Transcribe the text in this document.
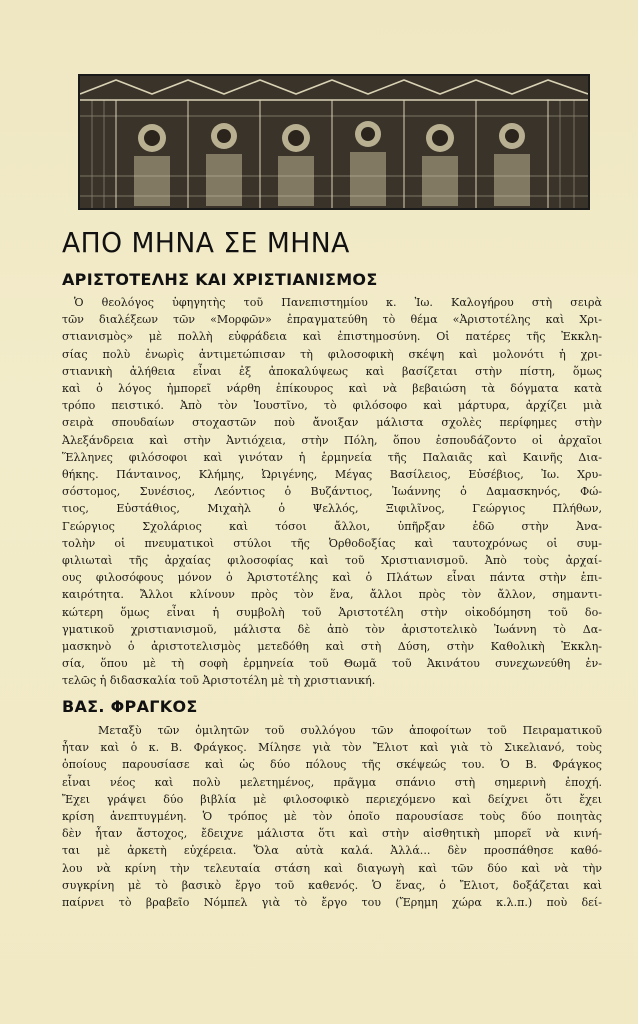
ΑΠΟ ΜΗΝΑ ΣΕ ΜΗΝΑ
ΑΡΙΣΤΟΤΕΛΗΣ ΚΑΙ ΧΡΙΣΤΙΑΝΙΣΜΟΣ
Ὁ θεολόγος ὑφηγητὴς τοῦ Πανεπιστημίου κ. Ἰω. Καλογήρου στὴ σειρὰ
τῶν διαλέξεων τῶν «Μορφῶν» ἐπραγματεύθη τὸ θέμα «Ἀριστοτέλης καὶ Χρι-
στιανισμὸς» μὲ πολλὴ εὐφράδεια καὶ ἐπιστημοσύνη. Οἱ πατέρες τῆς Ἐκκλη-
σίας πολὺ ἐνωρὶς ἀντιμετώπισαν τὴ φιλοσοφικὴ σκέψη καὶ μολονότι ἡ χρι-
στιανικὴ ἀλήθεια εἶναι ἐξ ἀποκαλύψεως καὶ βασίζεται στὴν πίστη, ὅμως
καὶ ὁ λόγος ἠμπορεῖ νάρθη ἐπίκουρος καὶ νὰ βεβαιώση τὰ δόγματα κατὰ
τρόπο πειστικό. Ἀπὸ τὸν Ἰουστῖνο, τὸ φιλόσοφο καὶ μάρτυρα, ἀρχίζει μιὰ
σειρὰ σπουδαίων στοχαστῶν ποὺ ἄνοιξαν μάλιστα σχολὲς περίφημες στὴν
Ἀλεξάνδρεια καὶ στὴν Ἀντιόχεια, στὴν Πόλη, ὅπου ἐσπουδάζοντο οἱ ἀρχαῖοι
Ἕλληνες φιλόσοφοι καὶ γινόταν ἡ ἑρμηνεία τῆς Παλαιᾶς καὶ Καινῆς Δια-
θήκης. Πάνταινος, Κλήμης, Ὠριγένης, Μέγας Βασίλειος, Εὐσέβιος, Ἰω. Χρυ-
σόστομος, Συνέσιος, Λεόντιος ὁ Βυζάντιος, Ἰωάννης ὁ Δαμασκηνός, Φώ-
τιος, Εὐστάθιος, Μιχαὴλ ὁ Ψελλός, Ξιφιλῖνος, Γεώργιος Πλήθων,
Γεώργιος Σχολάριος καὶ τόσοι ἄλλοι, ὑπῆρξαν ἐδῶ στὴν Ἀνα-
τολὴν οἱ πνευματικοὶ στύλοι τῆς Ὀρθοδοξίας καὶ ταυτοχρόνως οἱ συμ-
φιλιωταὶ τῆς ἀρχαίας φιλοσοφίας καὶ τοῦ Χριστιανισμοῦ. Ἀπὸ τοὺς ἀρχαί-
ους φιλοσόφους μόνον ὁ Ἀριστοτέλης καὶ ὁ Πλάτων εἶναι πάντα στὴν ἐπι-
καιρότητα. Ἄλλοι κλίνουν πρὸς τὸν ἕνα, ἄλλοι πρὸς τὸν ἄλλον, σημαντι-
κώτερη ὅμως εἶναι ἡ συμβολὴ τοῦ Ἀριστοτέλη στὴν οἰκοδόμηση τοῦ δο-
γματικοῦ χριστιανισμοῦ, μάλιστα δὲ ἀπὸ τὸν ἀριστοτελικὸ Ἰωάννη τὸ Δα-
μασκηνὸ ὁ ἀριστοτελισμὸς μετεδόθη καὶ στὴ Δύση, στὴν Καθολικὴ Ἐκκλη-
σία, ὅπου μὲ τὴ σοφὴ ἑρμηνεία τοῦ Θωμᾶ τοῦ Ἀκινάτου συνεχωνεύθη ἐν-
τελῶς ἡ διδασκαλία τοῦ Ἀριστοτέλη μὲ τὴ χριστιανική.
ΒΑΣ. ΦΡΑΓΚΟΣ
Μεταξὺ τῶν ὁμιλητῶν τοῦ συλλόγου τῶν ἀποφοίτων τοῦ Πειραματικοῦ
ἦταν καὶ ὁ κ. Β. Φράγκος. Μίλησε γιὰ τὸν Ἔλιοτ καὶ γιὰ τὸ Σικελιανό, τοὺς
ὁποίους παρουσίασε καὶ ὡς δύο πόλους τῆς σκέψεώς του. Ὁ Β. Φράγκος
εἶναι νέος καὶ πολὺ μελετημένος, πρᾶγμα σπάνιο στὴ σημερινὴ ἐποχή.
Ἔχει γράψει δύο βιβλία μὲ φιλοσοφικὸ περιεχόμενο καὶ δείχνει ὅτι ἔχει
κρίση ἀνεπτυγμένη. Ὁ τρόπος μὲ τὸν ὁποῖο παρουσίασε τοὺς δύο ποιητὰς
δὲν ἦταν ἄστοχος, ἔδειχνε μάλιστα ὅτι καὶ στὴν αἰσθητικὴ μπορεῖ νὰ κινή-
ται μὲ ἀρκετὴ εὐχέρεια. Ὅλα αὐτὰ καλά. Ἀλλά... δὲν προσπάθησε καθό-
λου νὰ κρίνη τὴν τελευταία στάση καὶ διαγωγὴ καὶ τῶν δύο καὶ νὰ τὴν
συγκρίνη μὲ τὸ βασικὸ ἔργο τοῦ καθενός. Ὁ ἕνας, ὁ Ἔλιοτ, δοξάζεται καὶ
παίρνει τὸ βραβεῖο Νόμπελ γιὰ τὸ ἔργο του (Ἔρημη χώρα κ.λ.π.) ποὺ δεί-
